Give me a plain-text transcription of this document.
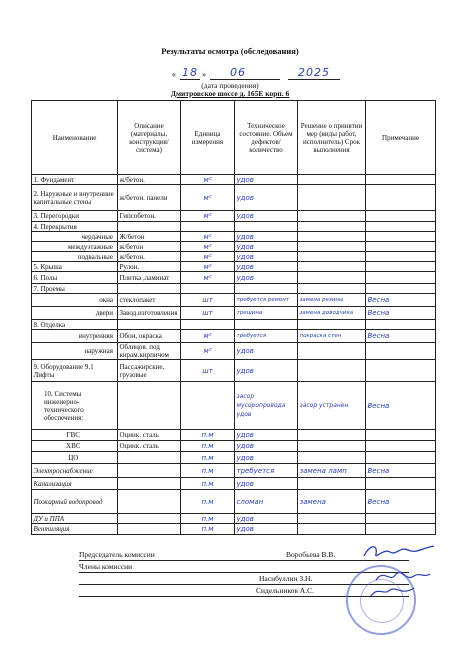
Результаты осмотра (обследования)
« 18 » 06	2025
(дата проведения)
Дмитровское шоссе д. 165Е корп. 6
Наименование	Описание (материалы, конструкция/ система)	Единица измерения	Техническое состояние. Объем дефектов/ количество	Решение о принятии мер (виды работ, исполнитель) Срок выполнения	Примечание
1. Фундамент	ж/бетон.	м²	удов		
2. Наружные и внутренние капитальные стены	ж/бетон. панели	м²	удов		
3. Перегородки	Гипсобетон.	м²	удов		
4. Перекрытия					
чердачные	Ж/бетон	м²	удов		
междуэтажные	ж/бетон	м²	удов		
подвальные	ж/бетон.	м²	удов		
5. Крыша	Рулон.	м²	удов		
6. Полы	Плитка ,ламинат	м²	удов		
7. Проемы					
окна	стеклопакет	шт	требуется ремонт	замена резины	Весна
двери	Завод.изготовления	шт	трещина	замена доводчика	Весна
8. Отделка					
внутренняя	Обои, окраска	м²	требуется	покраска стен	Весна
наружная	Облицов. под кирам.кирпичом	м²	удов		
9. Оборудование 9.1 Лифты	Пассажирские, грузовые	шт	удов		
10. Системы инженерно-технического обеспечения:			засор мусоропровода удов	засор устранен	Весна
ГВС	Оцинк. сталь	п.м	удов		
ХВС	Оцинк. сталь	п.м	удов		
ЦО		п.м	удов		
Электроснабжение		п.м	требуется	замена ламп	Весна
Канализация		п.м	удов		
Пожарный водопровод		п.м	сломан	замена	Весна
ДУ и ППА		п.м	удов		
Вентиляция		п.м	удов		
Председатель комиссии	Воробьева В.В.
Члены комиссии
Насибуллин З.Н.
Сидельников А.С.
